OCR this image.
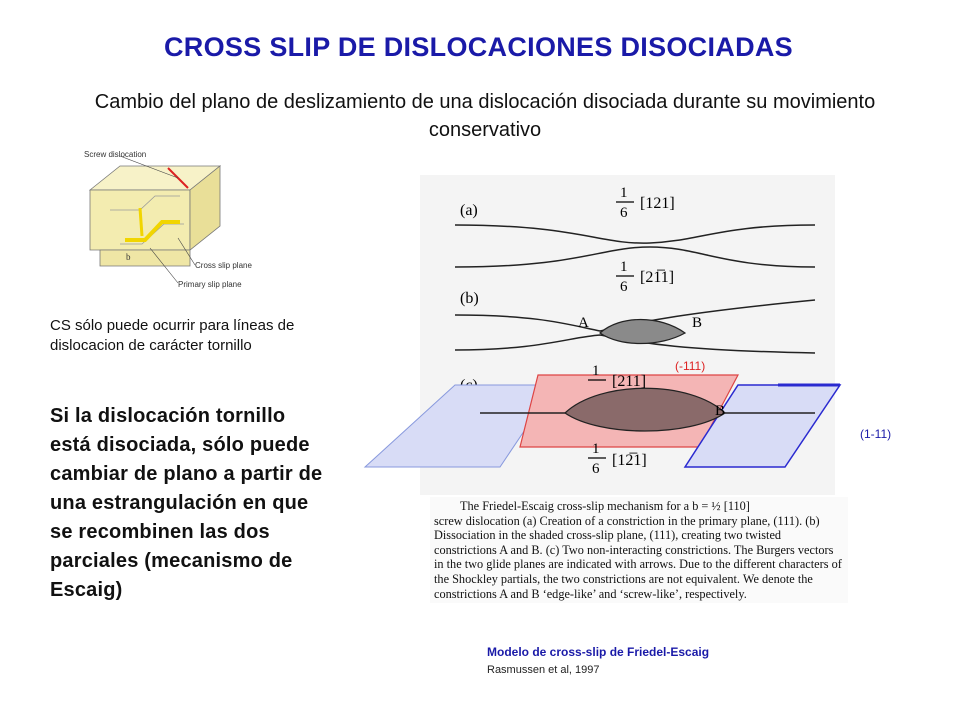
CROSS SLIP DE DISLOCACIONES DISOCIADAS
Cambio del plano de deslizamiento de una dislocación disociada durante su movimiento conservativo
Screw dislocation
Cross slip plane
Primary slip plane
b
CS sólo puede ocurrir para líneas de dislocacion de carácter tornillo
Si la dislocación tornillo está disociada, sólo puede cambiar de plano a partir de una estrangulación en que se recombinen las dos parciales (mecanismo de Escaig)
(a)
1
6
[121]
1
6
[21̅1]
(b)
A	B
B
1
[211]
1
6 [12̅1]
(-111)
(1-11)
The Friedel-Escaig cross-slip mechanism for a b = ½ [110]
screw dislocation (a) Creation of a constriction in the primary plane, (111). (b) Dissociation in the shaded cross-slip plane, (111), creating two twisted constrictions A and B. (c) Two non-interacting constrictions. The Burgers vectors in the two glide planes are indicated with arrows. Due to the different characters of the Shockley partials, the two constrictions are not equivalent. We denote the constrictions A and B ‘edge-like’ and ‘screw-like’, respectively.
Modelo de cross-slip de Friedel-Escaig
Rasmussen et al, 1997
